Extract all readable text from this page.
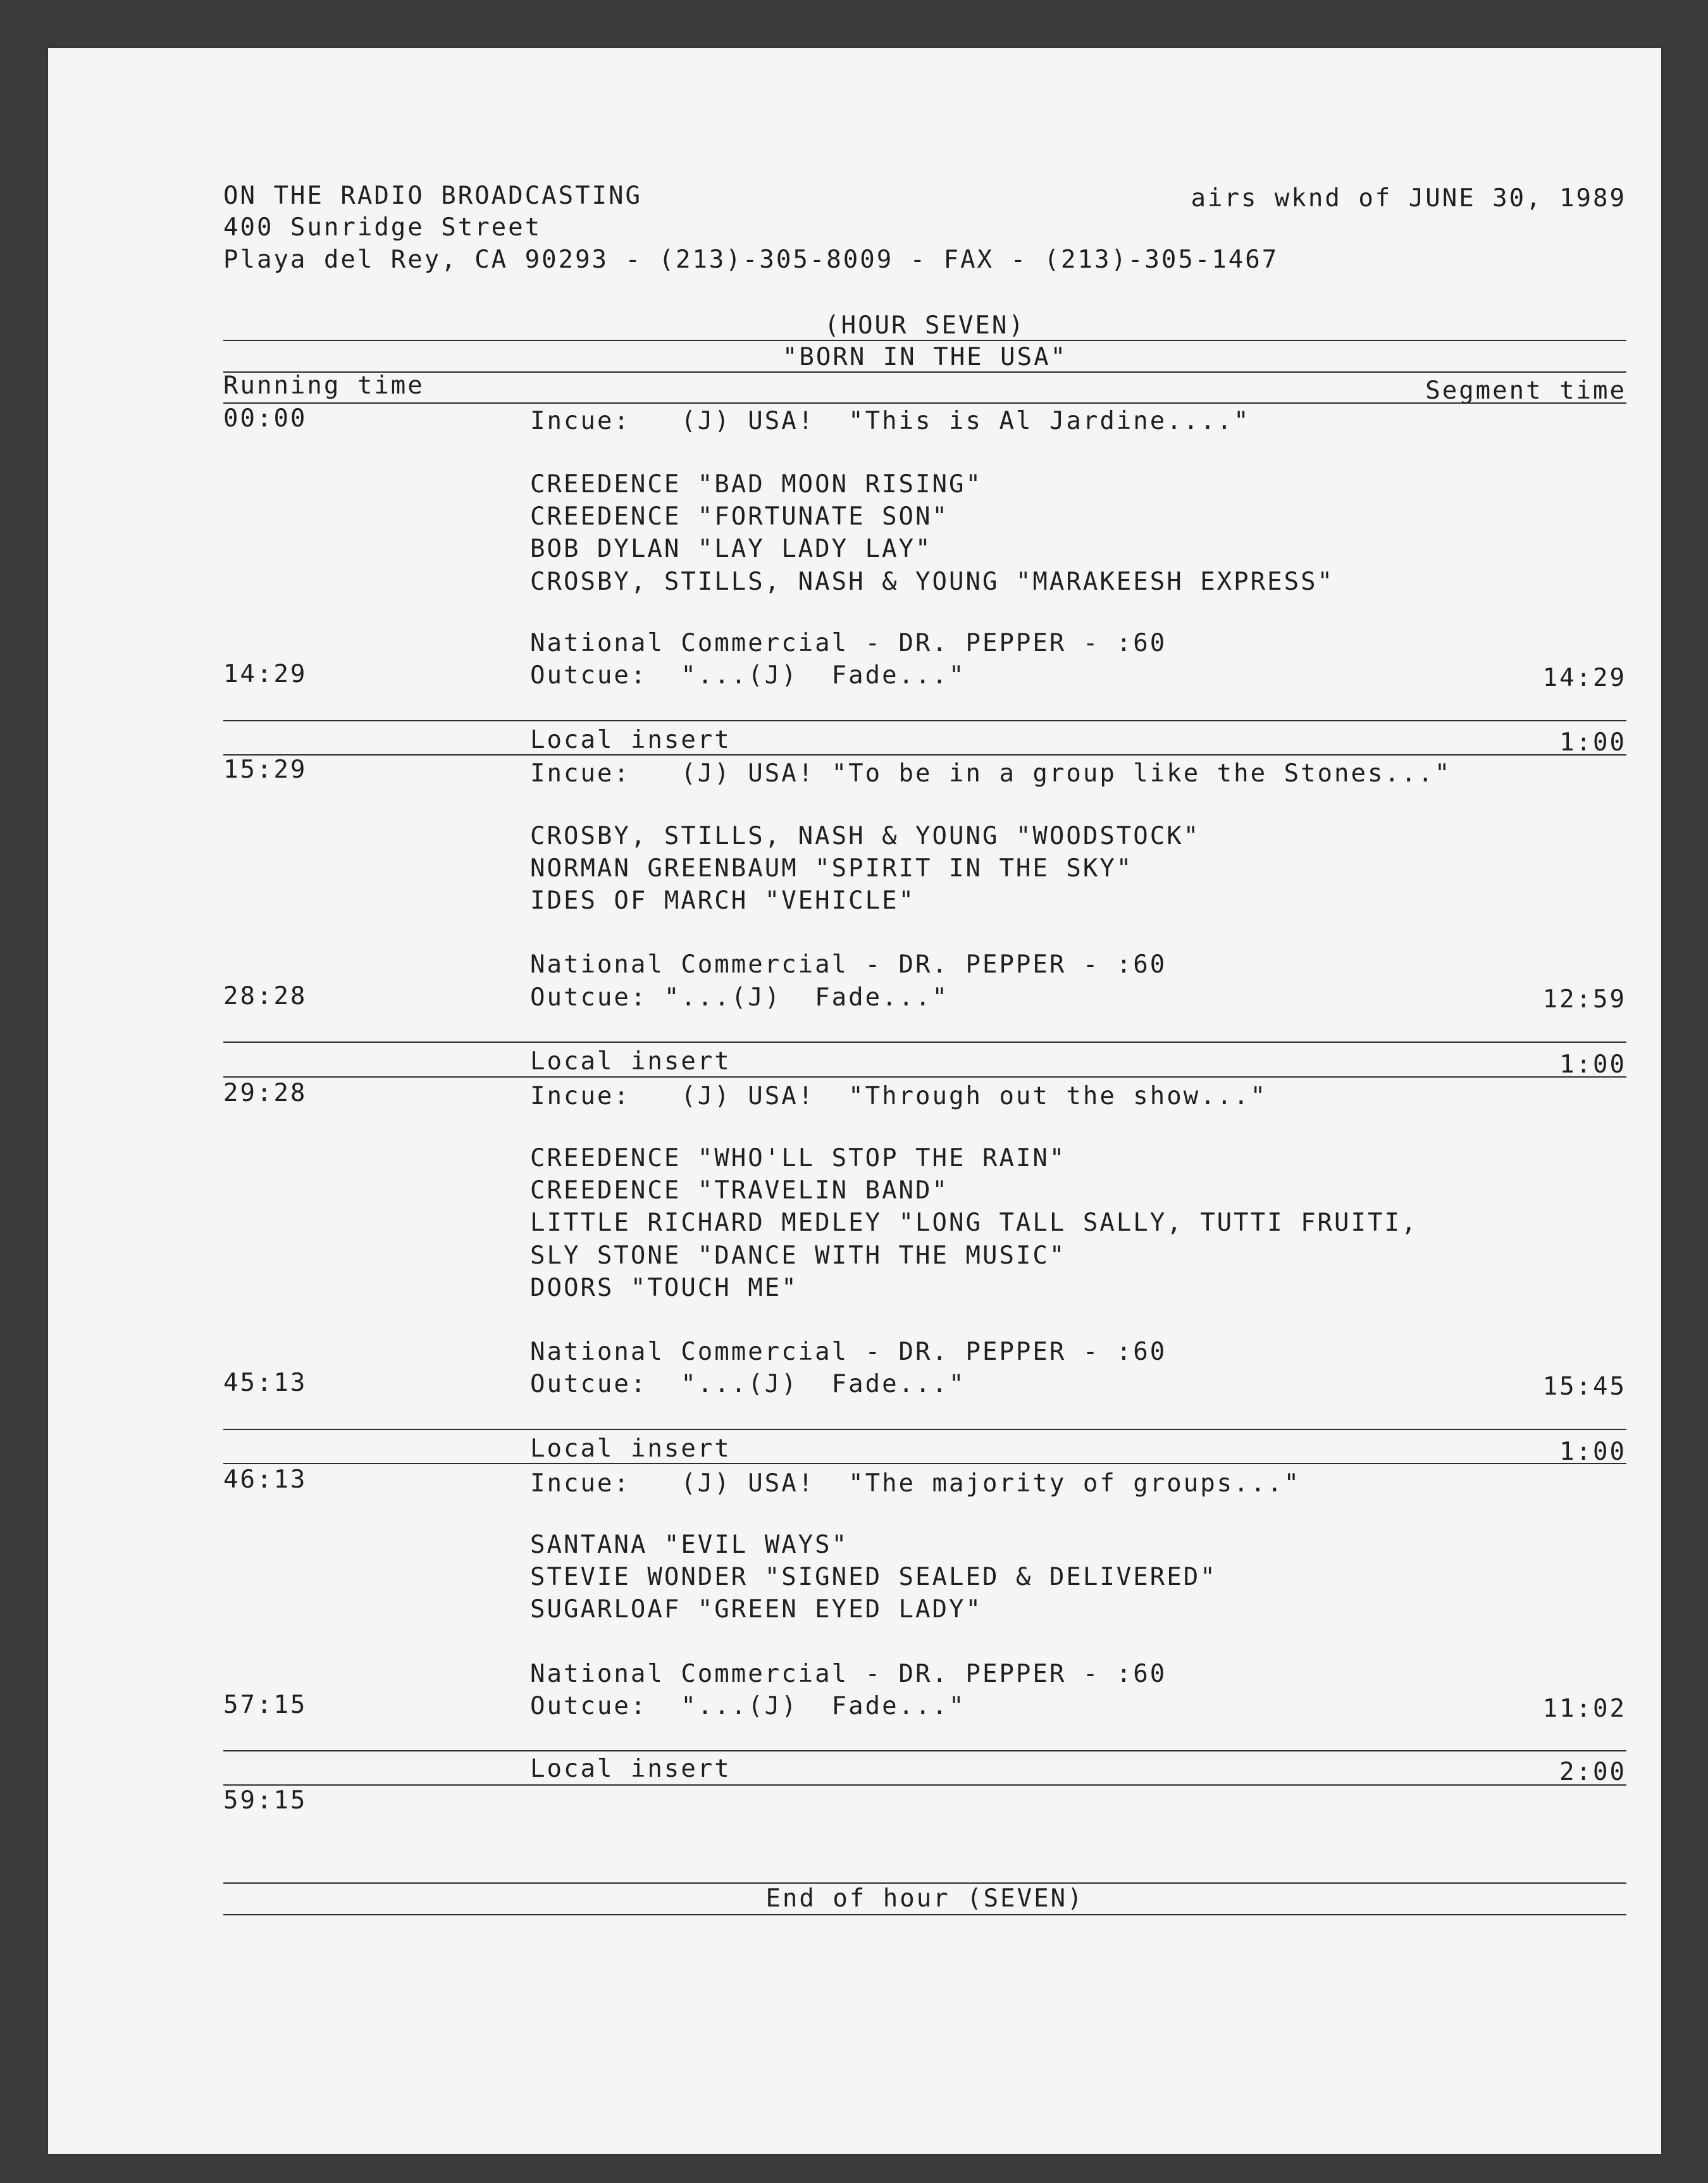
ON THE RADIO BROADCASTING
400 Sunridge Street
Playa del Rey, CA 90293 - (213)-305-8009 - FAX - (213)-305-1467
airs wknd of JUNE 30, 1989
(HOUR SEVEN)
"BORN IN THE USA"
Running time	Segment time
00:00	Incue:   (J) USA!  "This is Al Jardine...."
CREEDENCE "BAD MOON RISING"
CREEDENCE "FORTUNATE SON"
BOB DYLAN "LAY LADY LAY"
CROSBY, STILLS, NASH & YOUNG "MARAKEESH EXPRESS"
National Commercial - DR. PEPPER - :60
14:29	Outcue:  "...(J)  Fade..."	14:29
Local insert	1:00
15:29	Incue:   (J) USA! "To be in a group like the Stones..."
CROSBY, STILLS, NASH & YOUNG "WOODSTOCK"
NORMAN GREENBAUM "SPIRIT IN THE SKY"
IDES OF MARCH "VEHICLE"
National Commercial - DR. PEPPER - :60
28:28	Outcue: "...(J)  Fade..."	12:59
Local insert	1:00
29:28	Incue:   (J) USA!  "Through out the show..."
CREEDENCE "WHO'LL STOP THE RAIN"
CREEDENCE "TRAVELIN BAND"
LITTLE RICHARD MEDLEY "LONG TALL SALLY, TUTTI FRUITI,
SLY STONE "DANCE WITH THE MUSIC"
DOORS "TOUCH ME"
National Commercial - DR. PEPPER - :60
45:13	Outcue:  "...(J)  Fade..."	15:45
Local insert	1:00
46:13	Incue:   (J) USA!  "The majority of groups..."
SANTANA "EVIL WAYS"
STEVIE WONDER "SIGNED SEALED & DELIVERED"
SUGARLOAF "GREEN EYED LADY"
National Commercial - DR. PEPPER - :60
57:15	Outcue:  "...(J)  Fade..."	11:02
Local insert	2:00
59:15
End of hour (SEVEN)
